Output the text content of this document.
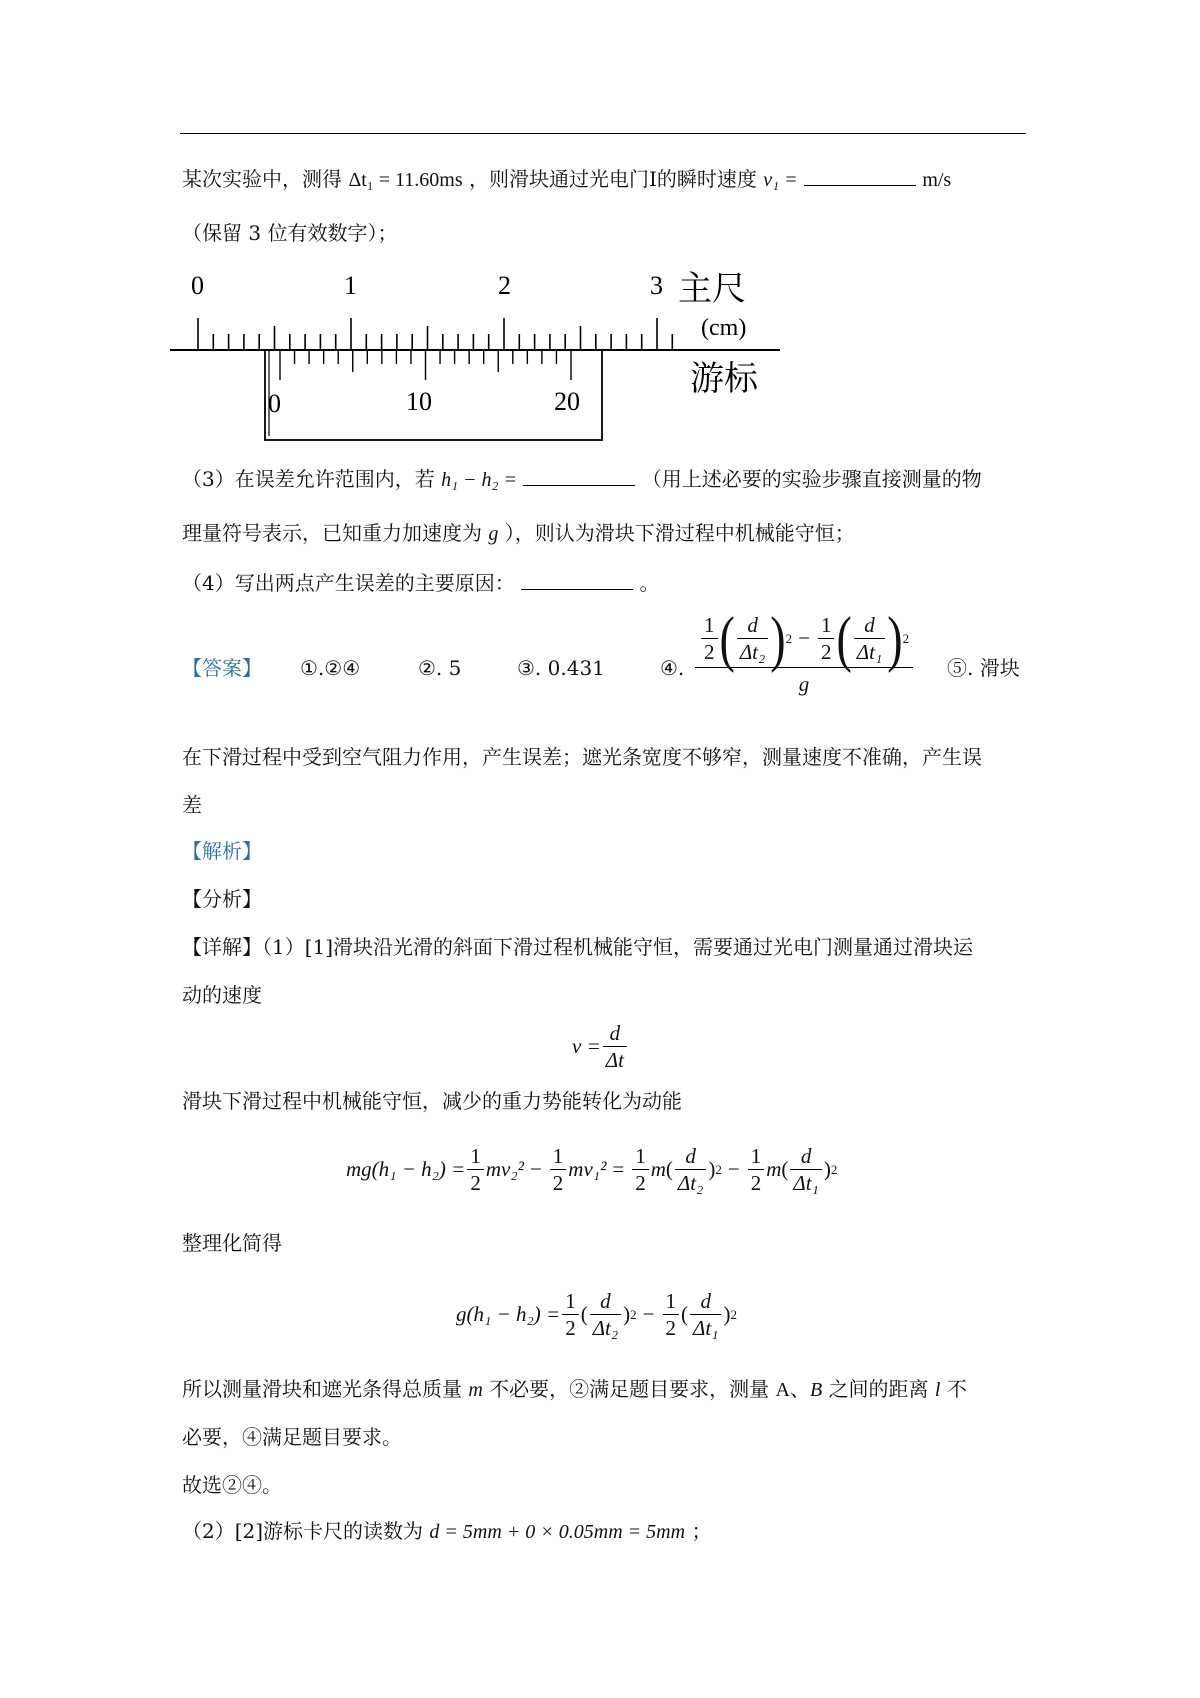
某次实验中，测得 Δt₁ = 11.60ms ，则滑块通过光电门Ⅰ的瞬时速度 v₁ =	m/s
（保留 3 位有效数字）；
0	1	2	3 主尺
(cm)
游标
0	10	20
（3）在误差允许范围内，若 h₁ − h₂ =	（用上述必要的实验步骤直接测量的物
理量符号表示，已知重力加速度为 g ），则认为滑块下滑过程中机械能守恒；
（4）写出两点产生误差的主要原因：	。
【答案】 ①.②④	②. 5	③. 0.431	④.
$\frac{1}{2}$ ( $\frac{d}{\text{Δt₂}}$ ) $2 - \frac{1}{2}$ ( $\frac{d}{\text{Δt₁}}$ ) 2
g
⑤. 滑块
在下滑过程中受到空气阻力作用，产生误差；遮光条宽度不够窄，测量速度不准确，产生误
差
【解析】
【分析】
【详解】（1）[1]滑块沿光滑的斜面下滑过程机械能守恒，需要通过光电门测量通过滑块运
动的速度
$v = \frac{d}{\Delta t}$
滑块下滑过程中机械能守恒，减少的重力势能转化为动能
$mg(h_1 - h_2) = \frac{1}{2} mv_2^2 - \frac{1}{2} mv_1^2 = \frac{1}{2}$ m ( $\frac{d}{\text{Δt₂}}$ ) $2 - \frac{1}{2}$ m ( $\frac{d}{\text{Δt₁}}$ ) 2
整理化简得
$g(h_1 - h_2) = \frac{1}{2}$ ( $\frac{d}{\text{Δt₂}}$ ) $2 - \frac{1}{2}$ ( $\frac{d}{\text{Δt₁}}$ ) 2
所以测量滑块和遮光条得总质量 m 不必要，②满足题目要求，测量 A、B 之间的距离 l 不
必要，④满足题目要求。
故选②④。
（2）[2]游标卡尺的读数为 d = 5mm + 0 × 0.05mm = 5mm ；
